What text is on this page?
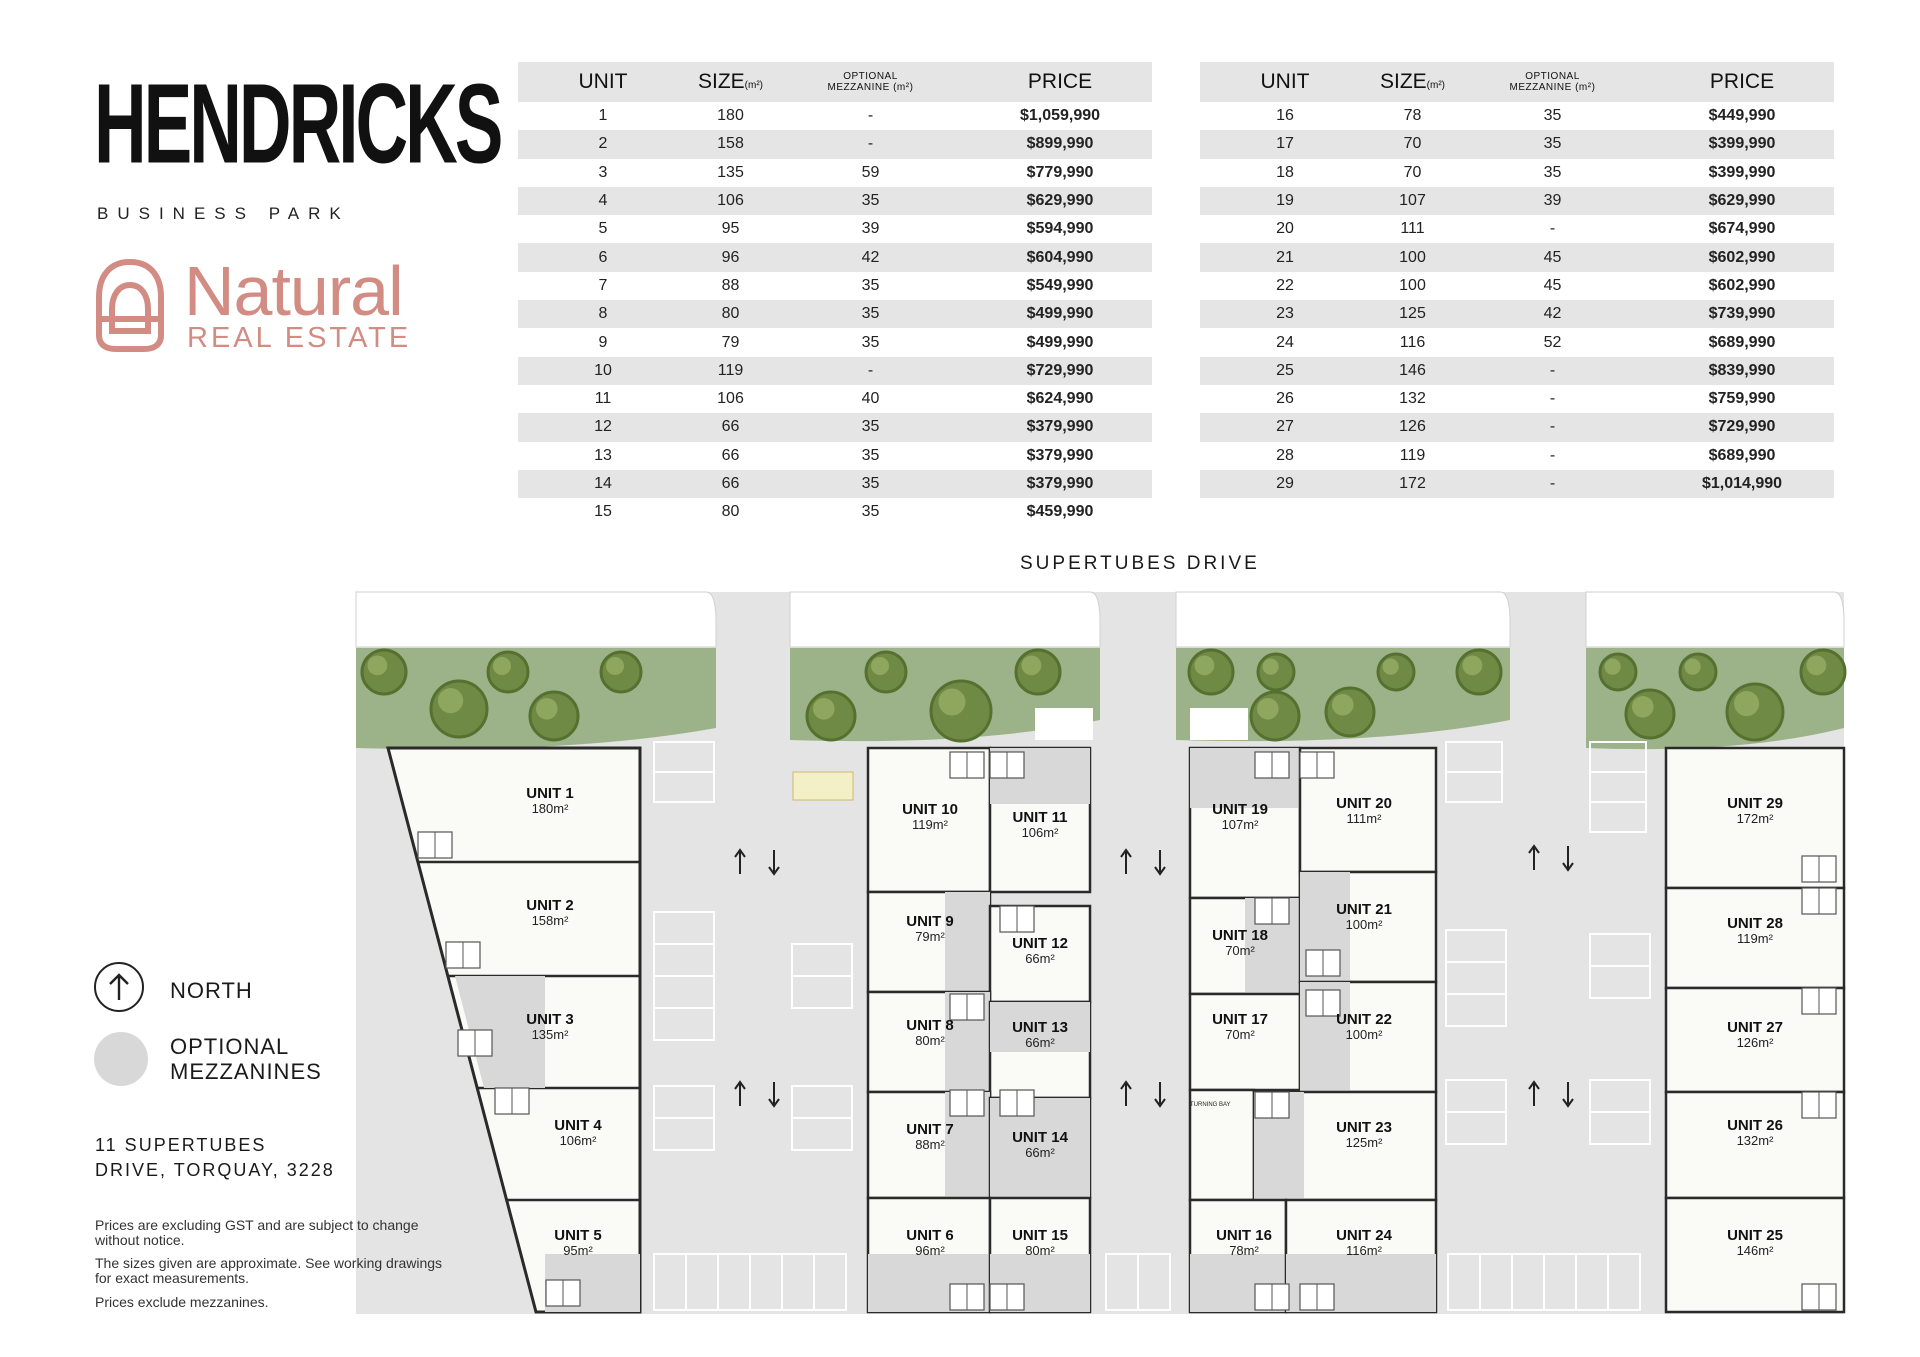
HENDRICKS
BUSINESS PARK
Natural
REAL ESTATE
UNIT	SIZE(m²)	OPTIONAL
MEZZANINE (m²)	PRICE
1	180	-	$1,059,990
2	158	-	$899,990
3	135	59	$779,990
4	106	35	$629,990
5	95	39	$594,990
6	96	42	$604,990
7	88	35	$549,990
8	80	35	$499,990
9	79	35	$499,990
10	119	-	$729,990
11	106	40	$624,990
12	66	35	$379,990
13	66	35	$379,990
14	66	35	$379,990
15	80	35	$459,990
UNIT	SIZE(m²)	OPTIONAL
MEZZANINE (m²)	PRICE
16	78	35	$449,990
17	70	35	$399,990
18	70	35	$399,990
19	107	39	$629,990
20	111	-	$674,990
21	100	45	$602,990
22	100	45	$602,990
23	125	42	$739,990
24	116	52	$689,990
25	146	-	$839,990
26	132	-	$759,990
27	126	-	$729,990
28	119	-	$689,990
29	172	-	$1,014,990
SUPERTUBES DRIVE
UNIT 1
180m²
UNIT 2
158m²
UNIT 3
135m²
UNIT 4
106m²
UNIT 5
95m²
UNIT 6
96m²
UNIT 7
88m²
UNIT 8
80m²
UNIT 9
79m²
UNIT 10
119m²	UNIT 11
106m²
UNIT 12
66m²
UNIT 13
66m²
UNIT 14
66m²
UNIT 15
80m²
UNIT 16
78m²
UNIT 17
70m²
UNIT 18
70m²
UNIT 19
107m²
UNIT 20
111m²
UNIT 21
100m²
UNIT 22
100m²
UNIT 23
125m²
UNIT 24
116m²
UNIT 25
146m²
UNIT 26
132m²
UNIT 27
126m²
UNIT 28
119m²
UNIT 29
172m²
TURNING BAY
NORTH
OPTIONAL
MEZZANINES
11 SUPERTUBES
DRIVE, TORQUAY, 3228
Prices are excluding GST and are subject to change without notice.
The sizes given are approximate. See working drawings for exact measurements.
Prices exclude mezzanines.
